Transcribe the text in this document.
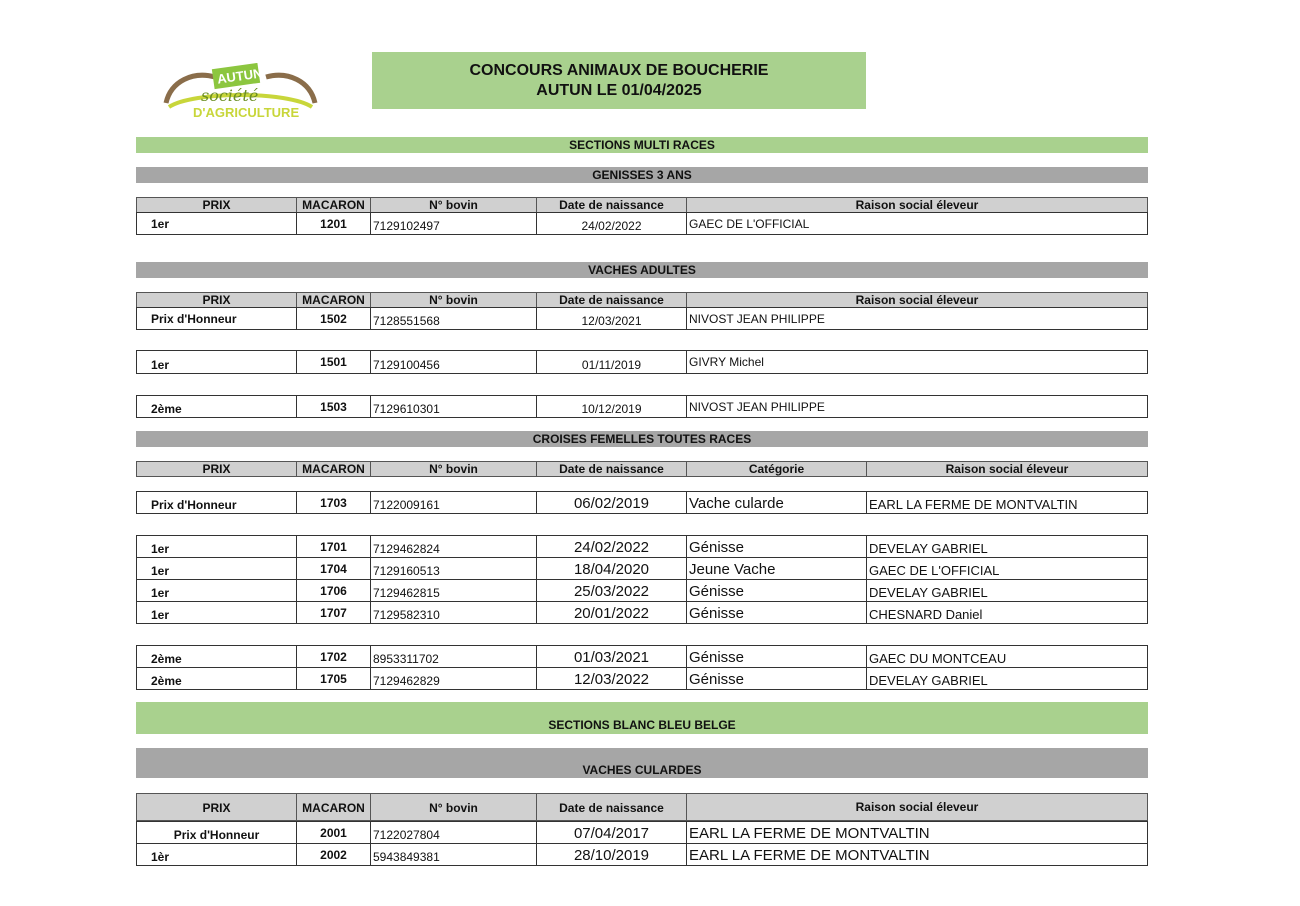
AUTUN
société
D'AGRICULTURE
CONCOURS ANIMAUX DE BOUCHERIE
AUTUN LE 01/04/2025
SECTIONS MULTI RACES
GENISSES 3 ANS
PRIX	MACARON	N° bovin	Date de naissance	Raison social éleveur
1er	1201	7129102497	24/02/2022	GAEC DE L'OFFICIAL
VACHES ADULTES
PRIX	MACARON	N° bovin	Date de naissance	Raison social éleveur
Prix d'Honneur	1502	7128551568	12/03/2021	NIVOST JEAN PHILIPPE
1er	1501	7129100456	01/11/2019	GIVRY Michel
2ème	1503	7129610301	10/12/2019	NIVOST JEAN PHILIPPE
CROISES FEMELLES TOUTES RACES
PRIX	MACARON	N° bovin	Date de naissance	Catégorie	Raison social éleveur
Prix d'Honneur	1703	7122009161	06/02/2019	Vache cularde	EARL LA FERME DE MONTVALTIN
1er	1701	7129462824	24/02/2022	Génisse	DEVELAY GABRIEL
1er	1704	7129160513	18/04/2020	Jeune Vache	GAEC DE L'OFFICIAL
1er	1706	7129462815	25/03/2022	Génisse	DEVELAY GABRIEL
1er	1707	7129582310	20/01/2022	Génisse	CHESNARD Daniel
2ème	1702	8953311702	01/03/2021	Génisse	GAEC DU MONTCEAU
2ème	1705	7129462829	12/03/2022	Génisse	DEVELAY GABRIEL
SECTIONS BLANC BLEU BELGE
VACHES CULARDES
PRIX	MACARON	N° bovin	Date de naissance	Raison social éleveur
Prix d'Honneur	2001	7122027804	07/04/2017	EARL LA FERME DE MONTVALTIN
1èr	2002	5943849381	28/10/2019	EARL LA FERME DE MONTVALTIN
